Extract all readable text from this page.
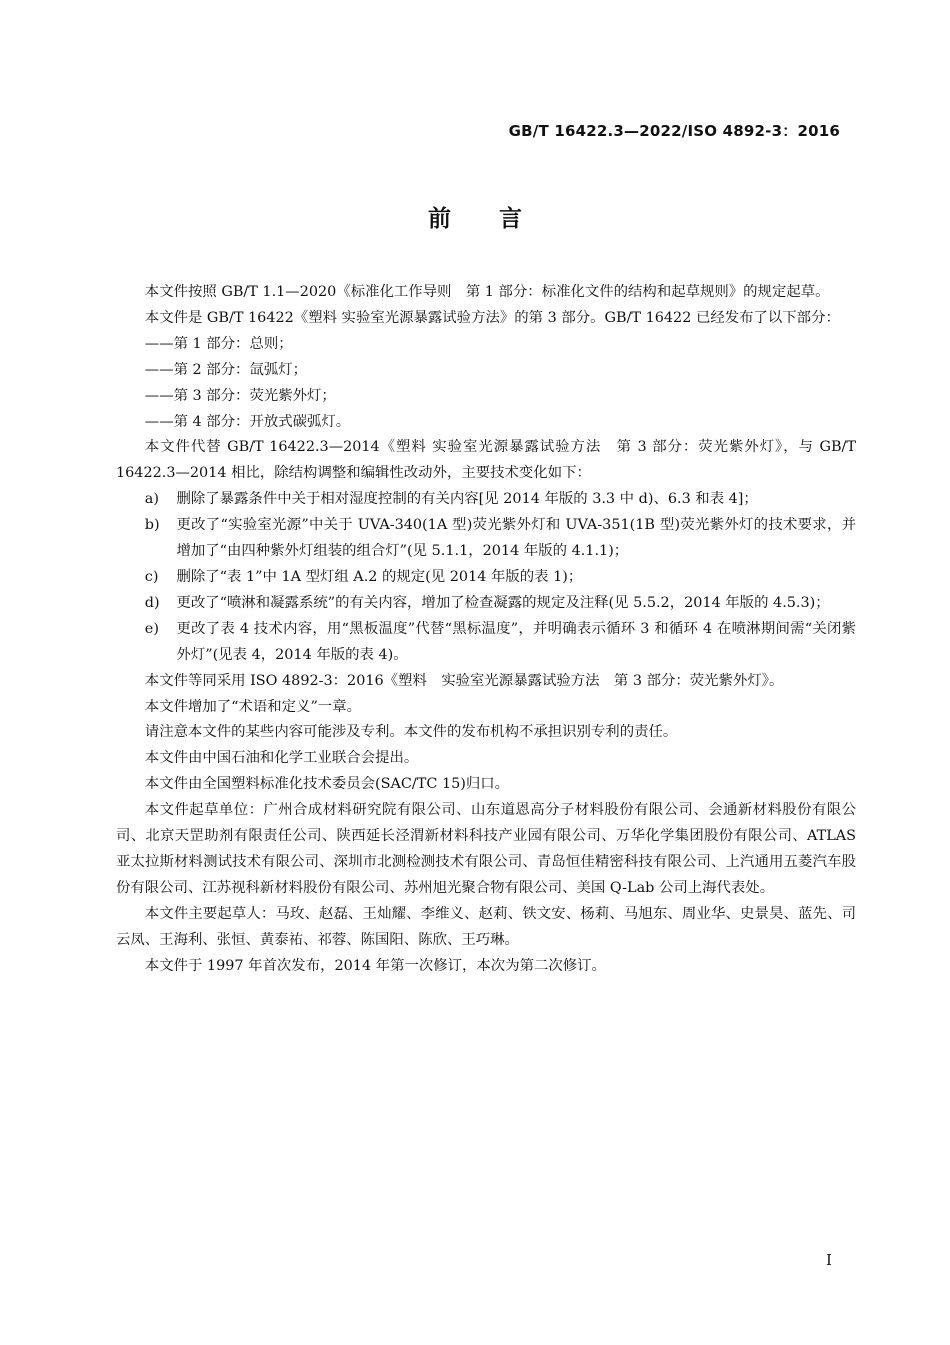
GB/T 16422.3—2022/ISO 4892-3：2016
前言

本文件按照 GB/T 1.1—2020《标准化工作导则　第 1 部分：标准化文件的结构和起草规则》的规定起草。

本文件是 GB/T 16422《塑料 实验室光源暴露试验方法》的第 3 部分。GB/T 16422 已经发布了以下部分：

——第 1 部分：总则；

——第 2 部分：氙弧灯；

——第 3 部分：荧光紫外灯；

——第 4 部分：开放式碳弧灯。

本文件代替 GB/T 16422.3—2014《塑料 实验室光源暴露试验方法　第 3 部分：荧光紫外灯》，与 GB/T 16422.3—2014 相比，除结构调整和编辑性改动外，主要技术变化如下：

a) 删除了暴露条件中关于相对湿度控制的有关内容[见 2014 年版的 3.3 中 d)、6.3 和表 4]；
b) 更改了“实验室光源”中关于 UVA-340(1A 型)荧光紫外灯和 UVA-351(1B 型)荧光紫外灯的技术要求，并增加了“由四种紫外灯组装的组合灯”(见 5.1.1，2014 年版的 4.1.1)；
c) 删除了“表 1”中 1A 型灯组 A.2 的规定(见 2014 年版的表 1)；
d) 更改了“喷淋和凝露系统”的有关内容，增加了检查凝露的规定及注释(见 5.5.2，2014 年版的 4.5.3)；
e) 更改了表 4 技术内容，用“黑板温度”代替“黑标温度”，并明确表示循环 3 和循环 4 在喷淋期间需“关闭紫外灯”(见表 4，2014 年版的表 4)。

本文件等同采用 ISO 4892-3：2016《塑料　实验室光源暴露试验方法　第 3 部分：荧光紫外灯》。

本文件增加了“术语和定义”一章。

请注意本文件的某些内容可能涉及专利。本文件的发布机构不承担识别专利的责任。

本文件由中国石油和化学工业联合会提出。

本文件由全国塑料标准化技术委员会(SAC/TC 15)归口。

本文件起草单位：广州合成材料研究院有限公司、山东道恩高分子材料股份有限公司、会通新材料股份有限公司、北京天罡助剂有限责任公司、陕西延长泾渭新材料科技产业园有限公司、万华化学集团股份有限公司、ATLAS 亚太拉斯材料测试技术有限公司、深圳市北测检测技术有限公司、青岛恒佳精密科技有限公司、上汽通用五菱汽车股份有限公司、江苏视科新材料股份有限公司、苏州旭光聚合物有限公司、美国 Q-Lab 公司上海代表处。

本文件主要起草人：马玫、赵磊、王灿耀、李维义、赵莉、铁文安、杨莉、马旭东、周业华、史景昊、蓝先、司云凤、王海利、张恒、黄泰祐、祁蓉、陈国阳、陈欣、王巧琳。

本文件于 1997 年首次发布，2014 年第一次修订，本次为第二次修订。

I
